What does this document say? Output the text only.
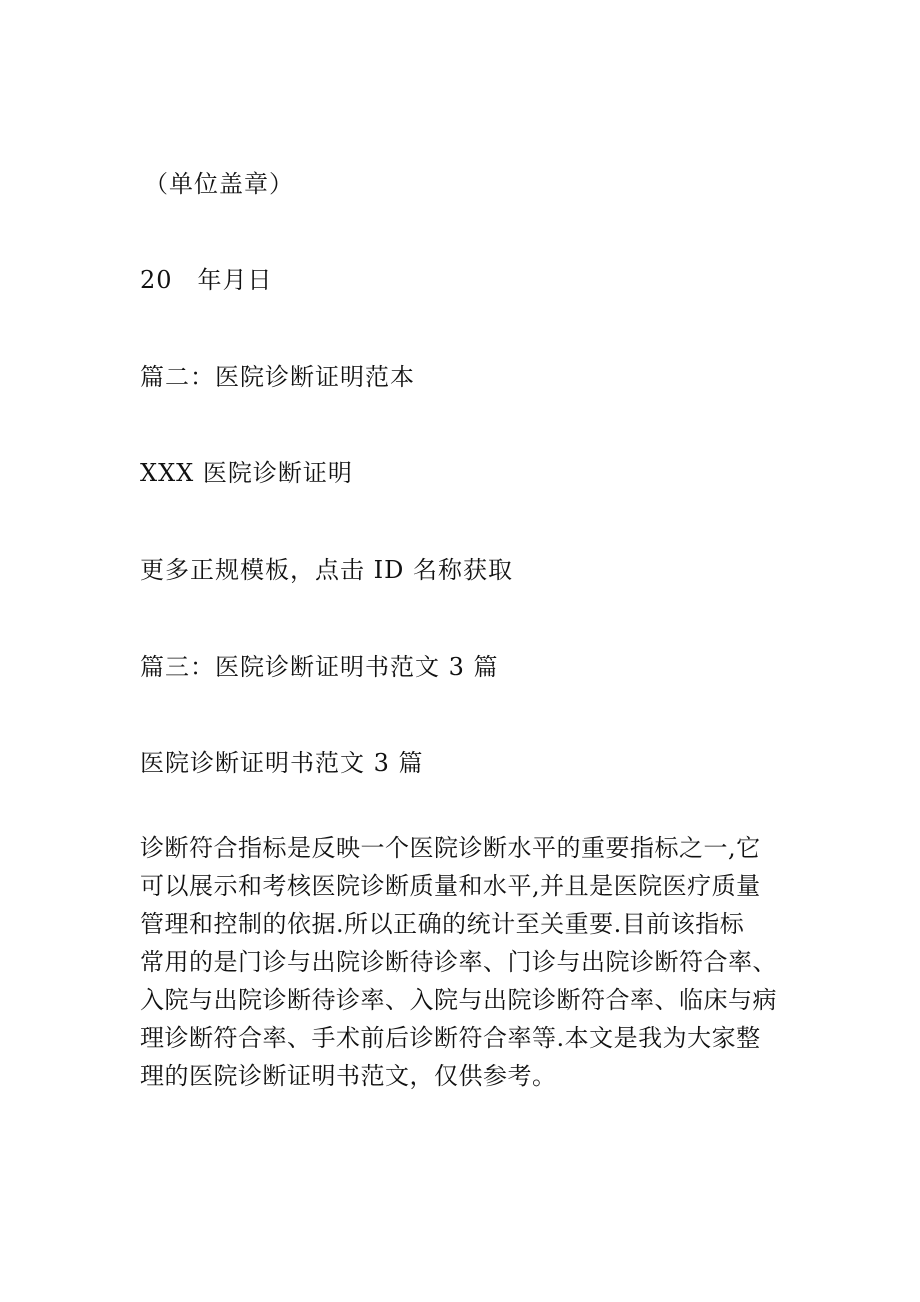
（单位盖章）
20　年月日
篇二：医院诊断证明范本
XXX 医院诊断证明
更多正规模板，点击 ID 名称获取
篇三：医院诊断证明书范文 3 篇
医院诊断证明书范文 3 篇
诊断符合指标是反映一个医院诊断水平的重要指标之一,它
可以展示和考核医院诊断质量和水平,并且是医院医疗质量
管理和控制的依据.所以正确的统计至关重要.目前该指标
常用的是门诊与出院诊断待诊率、门诊与出院诊断符合率、
入院与出院诊断待诊率、入院与出院诊断符合率、临床与病
理诊断符合率、手术前后诊断符合率等.本文是我为大家整
理的医院诊断证明书范文，仅供参考。
